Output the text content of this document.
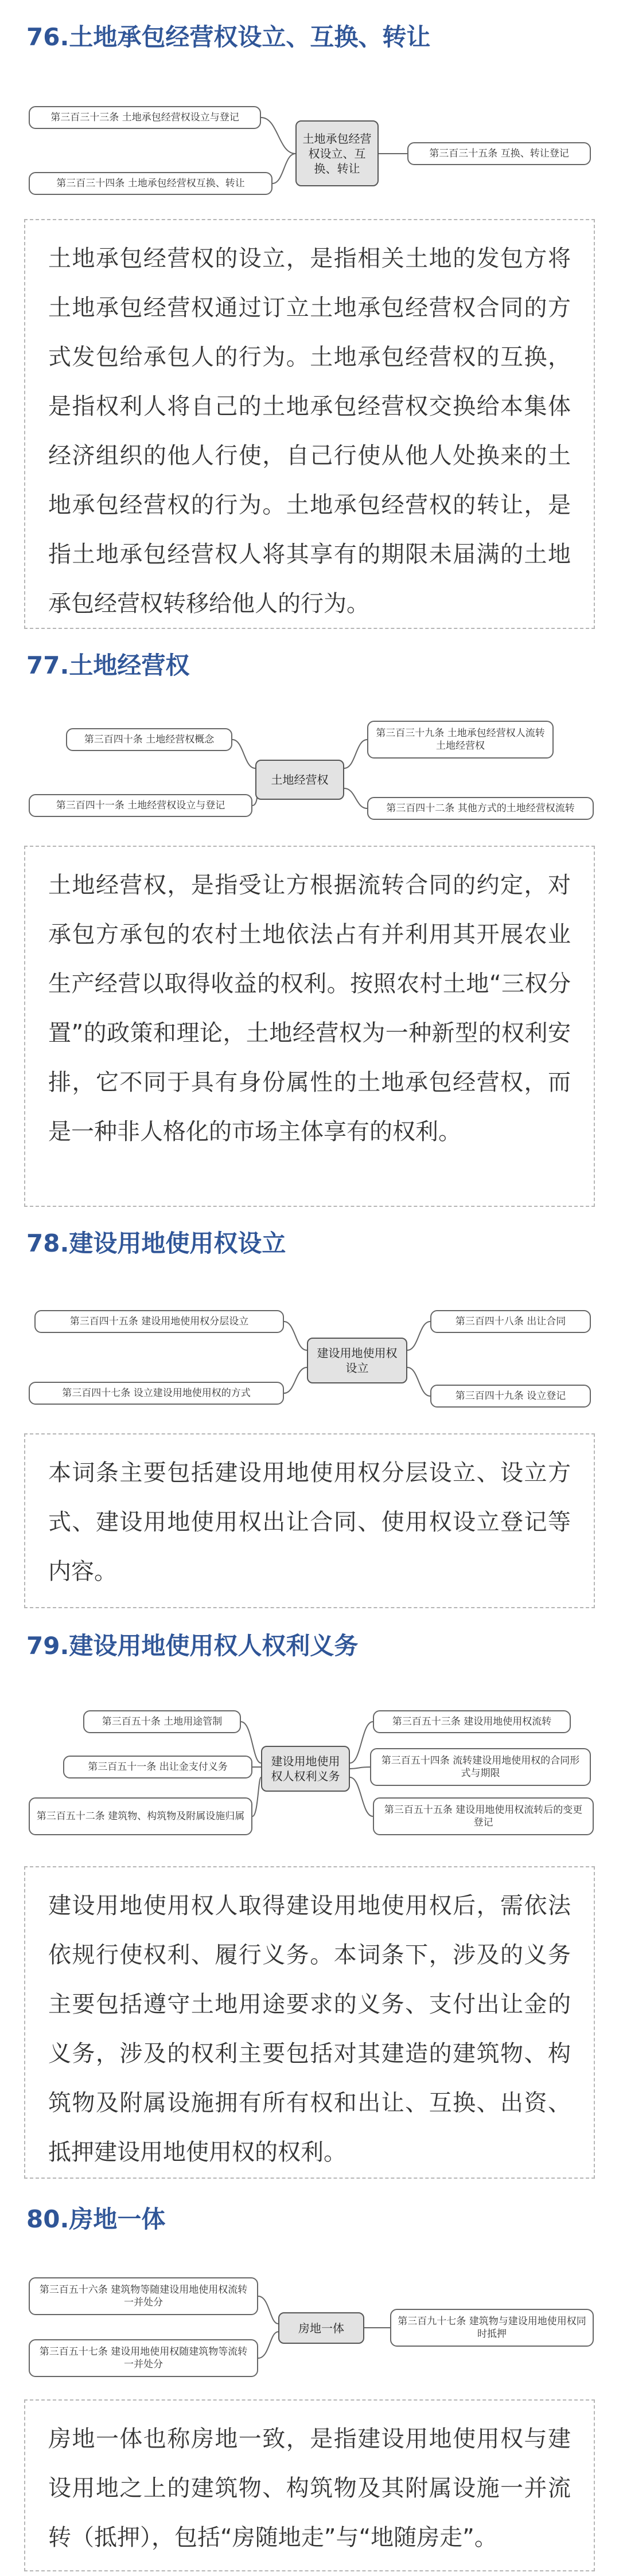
76.土地承包经营权设立、互换、转让
第三百三十三条 土地承包经营权设立与登记
第三百三十四条 土地承包经营权互换、转让
土地承包经营权设立、互换、转让
第三百三十五条 互换、转让登记
土地承包经营权的设立，是指相关土地的发包方将土地承包经营权通过订立土地承包经营权合同的方式发包给承包人的行为。土地承包经营权的互换，是指权利人将自己的土地承包经营权交换给本集体经济组织的他人行使，自己行使从他人处换来的土地承包经营权的行为。土地承包经营权的转让，是指土地承包经营权人将其享有的期限未届满的土地承包经营权转移给他人的行为。
77.土地经营权
第三百四十条 土地经营权概念
第三百四十一条 土地经营权设立与登记
土地经营权
第三百三十九条 土地承包经营权人流转土地经营权
第三百四十二条 其他方式的土地经营权流转
土地经营权，是指受让方根据流转合同的约定，对承包方承包的农村土地依法占有并利用其开展农业生产经营以取得收益的权利。按照农村土地“三权分置”的政策和理论，土地经营权为一种新型的权利安排，它不同于具有身份属性的土地承包经营权，而是一种非人格化的市场主体享有的权利。
78.建设用地使用权设立
第三百四十五条 建设用地使用权分层设立
第三百四十七条 设立建设用地使用权的方式
建设用地使用权设立
第三百四十八条 出让合同
第三百四十九条 设立登记
本词条主要包括建设用地使用权分层设立、设立方式、建设用地使用权出让合同、使用权设立登记等内容。
79.建设用地使用权人权利义务
第三百五十条 土地用途管制
第三百五十一条 出让金支付义务
第三百五十二条 建筑物、构筑物及附属设施归属
建设用地使用权人权利义务
第三百五十三条 建设用地使用权流转
第三百五十四条 流转建设用地使用权的合同形式与期限
第三百五十五条 建设用地使用权流转后的变更登记
建设用地使用权人取得建设用地使用权后，需依法依规行使权利、履行义务。本词条下，涉及的义务主要包括遵守土地用途要求的义务、支付出让金的义务，涉及的权利主要包括对其建造的建筑物、构筑物及附属设施拥有所有权和出让、互换、出资、抵押建设用地使用权的权利。
80.房地一体
第三百五十六条 建筑物等随建设用地使用权流转一并处分
第三百五十七条 建设用地使用权随建筑物等流转一并处分
房地一体	第三百九十七条 建筑物与建设用地使用权同时抵押
房地一体也称房地一致，是指建设用地使用权与建设用地之上的建筑物、构筑物及其附属设施一并流转（抵押），包括“房随地走”与“地随房走”。
